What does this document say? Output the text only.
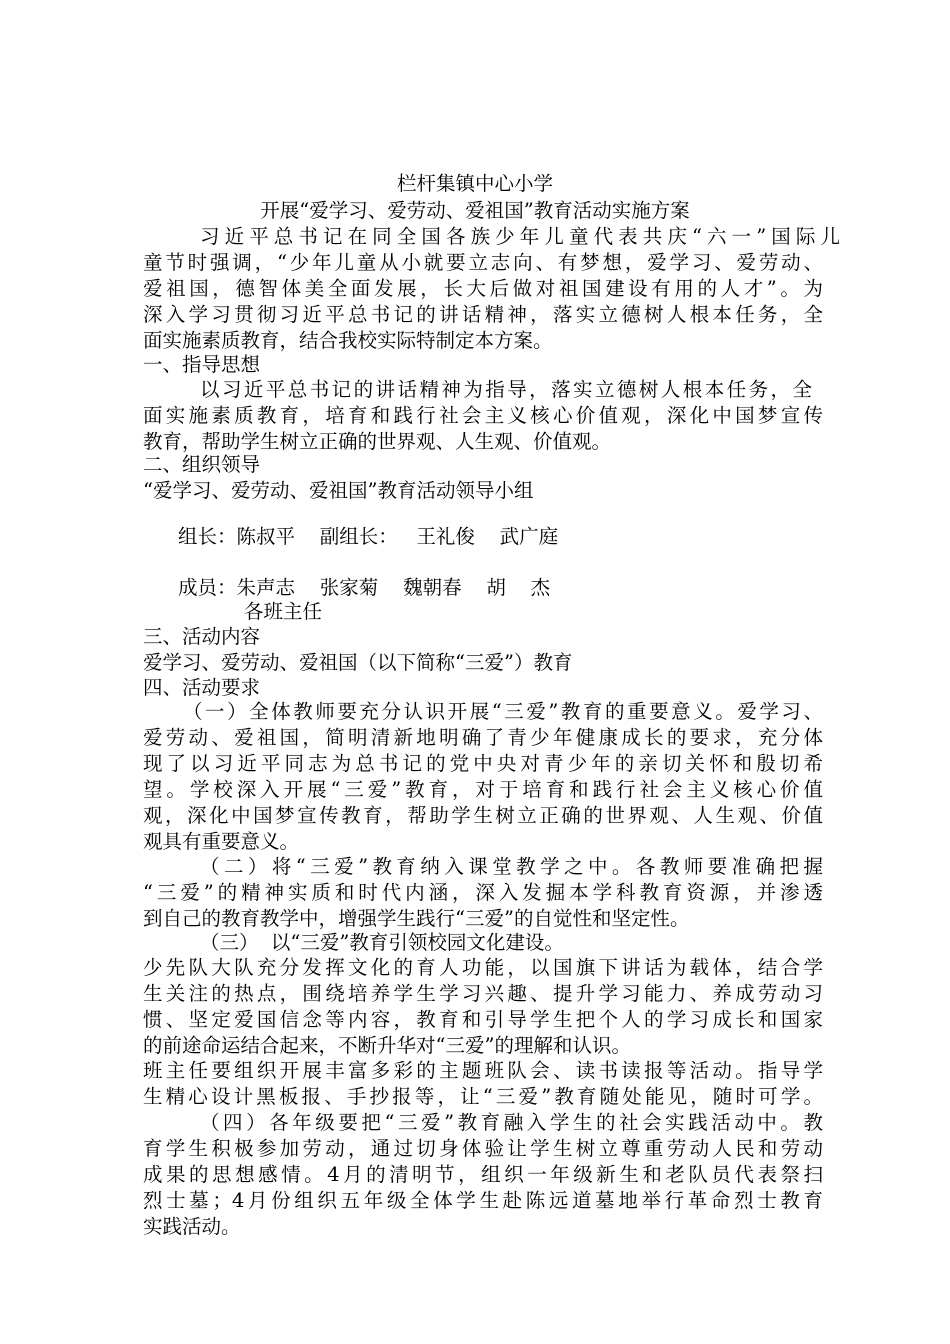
栏杆集镇中心小学
开展“爱学习、爱劳动、爱祖国”教育活动实施方案
习近平总书记在同全国各族少年儿童代表共庆“六一”国际儿
童节时强调，“少年儿童从小就要立志向、有梦想，爱学习、爱劳动、
爱祖国，德智体美全面发展，长大后做对祖国建设有用的人才”。为
深入学习贯彻习近平总书记的讲话精神，落实立德树人根本任务，全
面实施素质教育，结合我校实际特制定本方案。
一、指导思想
以习近平总书记的讲话精神为指导，落实立德树人根本任务，全
面实施素质教育，培育和践行社会主义核心价值观，深化中国梦宣传
教育，帮助学生树立正确的世界观、人生观、价值观。
二、组织领导
“爱学习、爱劳动、爱祖国”教育活动领导小组
组长：陈叔平    副组长：   王礼俊    武广庭
成员：朱声志    张家菊    魏朝春    胡    杰
各班主任
三、活动内容
爱学习、爱劳动、爱祖国（以下简称“三爱”）教育
四、活动要求
（一）全体教师要充分认识开展“三爱”教育的重要意义。爱学习、
爱劳动、爱祖国，简明清新地明确了青少年健康成长的要求，充分体
现了以习近平同志为总书记的党中央对青少年的亲切关怀和殷切希
望。学校深入开展“三爱”教育，对于培育和践行社会主义核心价值
观，深化中国梦宣传教育，帮助学生树立正确的世界观、人生观、价值
观具有重要意义。
（二）将“三爱”教育纳入课堂教学之中。各教师要准确把握
“三爱”的精神实质和时代内涵，深入发掘本学科教育资源，并渗透
到自己的教育教学中，增强学生践行“三爱”的自觉性和坚定性。
（三）  以“三爱”教育引领校园文化建设。
少先队大队充分发挥文化的育人功能，以国旗下讲话为载体，结合学
生关注的热点，围绕培养学生学习兴趣、提升学习能力、养成劳动习
惯、坚定爱国信念等内容，教育和引导学生把个人的学习成长和国家
的前途命运结合起来，不断升华对“三爱”的理解和认识。
班主任要组织开展丰富多彩的主题班队会、读书读报等活动。指导学
生精心设计黑板报、手抄报等，让“三爱”教育随处能见，随时可学。
（四）各年级要把“三爱”教育融入学生的社会实践活动中。教
育学生积极参加劳动，通过切身体验让学生树立尊重劳动人民和劳动
成果的思想感情。4月的清明节，组织一年级新生和老队员代表祭扫
烈士墓；4月份组织五年级全体学生赴陈远道墓地举行革命烈士教育
实践活动。
